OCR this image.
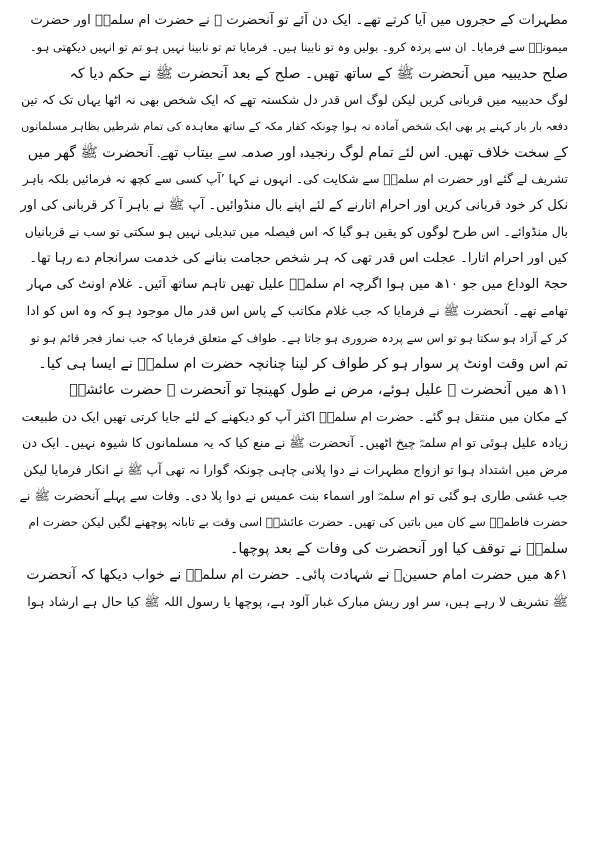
مطہرات کے حجروں میں آیا کرتے تھے۔ ایک دن آئے تو آنحضرت ﷺ نے حضرت ام سلمہؓ اور حضرت
میمونہؓ سے فرمایا۔ ان سے پردہ کرو۔ بولیں وہ تو نابینا ہیں۔ فرمایا تم تو نابینا نہیں ہو تم تو انہیں دیکھتی ہو۔
صلح حدیبیہ میں آنحضرت ﷺ کے ساتھ تھیں۔ صلح کے بعد آنحضرت ﷺ نے حکم دیا کہ
لوگ حدیبیہ میں قربانی کریں لیکن لوگ اس قدر دل شکستہ تھے کہ ایک شخص بھی نہ اٹھا یہاں تک کہ تین
دفعہ بار بار کہنے پر بھی ایک شخص آمادہ نہ ہوا چونکہ کفار مکہ کے ساتھ معاہدہ کی تمام شرطیں بظاہر مسلمانوں
کے سخت خلاف تھیں۔ اس لئے تمام لوگ رنجیدہ اور صدمہ سے بیتاب تھے۔ آنحضرت ﷺ گھر میں
تشریف لے گئے اور حضرت ام سلمہؓ سے شکایت کی۔ انہوں نے کہا ’آپ کسی سے کچھ نہ فرمائیں بلکہ باہر
نکل کر خود قربانی کریں اور احرام اتارنے کے لئے اپنے بال منڈوائیں۔ آپ ﷺ نے باہر آ کر قربانی کی اور
بال منڈوائے۔ اس طرح لوگوں کو یقین ہو گیا کہ اس فیصلہ میں تبدیلی نہیں ہو سکتی تو سب نے قربانیاں
کیں اور احرام اتارا۔ عجلت اس قدر تھی کہ ہر شخص حجامت بنانے کی خدمت سرانجام دے رہا تھا۔
حجۃ الوداع میں جو ۱۰ھ میں ہوا اگرچہ ام سلمہؓ علیل تھیں تاہم ساتھ آئیں۔ غلام اونٹ کی مہار
تھامے تھے۔ آنحضرت ﷺ نے فرمایا کہ جب غلام مکاتب کے پاس اس قدر مال موجود ہو کہ وہ اس کو ادا
کر کے آزاد ہو سکتا ہو تو اس سے پردہ ضروری ہو جاتا ہے۔ طواف کے متعلق فرمایا کہ جب نماز فجر قائم ہو تو
تم اس وقت اونٹ پر سوار ہو کر طواف کر لینا چنانچہ حضرت ام سلمہؓ نے ایسا ہی کیا۔
۱۱ھ میں آنحضرت ﷺ علیل ہوئے، مرض نے طول کھینچا تو آنحضرت ﷺ حضرت عائشہؓ
کے مکان میں منتقل ہو گئے۔ حضرت ام سلمہؓ اکثر آپ کو دیکھنے کے لئے جایا کرتی تھیں ایک دن طبیعت
زیادہ علیل ہوئی تو ام سلمہؓ چیخ اٹھیں۔ آنحضرت ﷺ نے منع کیا کہ یہ مسلمانوں کا شیوہ نہیں۔ ایک دن
مرض میں اشتداد ہوا تو ازواج مطہرات نے دوا پلانی چاہی چونکہ گوارا نہ تھی آپ ﷺ نے انکار فرمایا لیکن
جب غشی طاری ہو گئی تو ام سلمہؓ اور اسماء بنت عمیس نے دوا پلا دی۔ وفات سے پہلے آنحضرت ﷺ نے
حضرت فاطمہؓ سے کان میں باتیں کی تھیں۔ حضرت عائشہؓ اسی وقت بے تابانہ پوچھنے لگیں لیکن حضرت ام
سلمہؓ نے توقف کیا اور آنحضرت کی وفات کے بعد پوچھا۔
۶۱ھ میں حضرت امام حسینؓ نے شہادت پائی۔ حضرت ام سلمہؓ نے خواب دیکھا کہ آنحضرت
ﷺ تشریف لا رہے ہیں، سر اور ریش مبارک غبار آلود ہے، پوچھا یا رسول اللہ ﷺ کیا حال ہے ارشاد ہوا
